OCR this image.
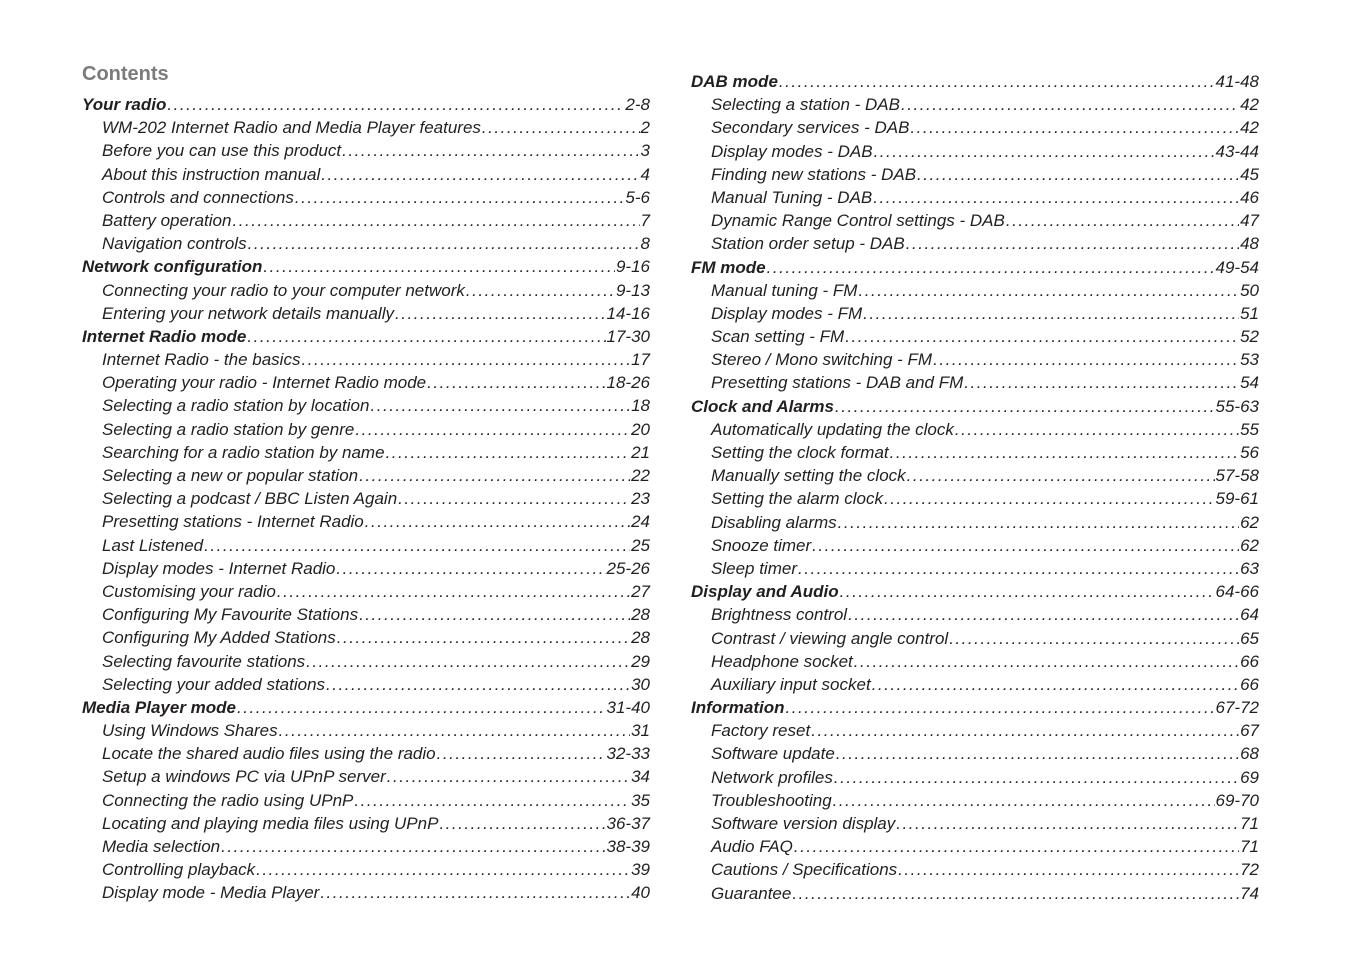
Contents
Your radio . . .	2-8
WM-202 Internet Radio and Media Player features . . .	2
Before you can use this product . . .	3
About this instruction manual . . .	4
Controls and connections . . .	5-6
Battery operation . . .	7
Navigation controls . . .	8
Network configuration . . .	9-16
Connecting your radio to your computer network . . .	9-13
Entering your network details manually . . .	14-16
Internet Radio mode . . .	17-30
Internet Radio - the basics . . .	17
Operating your radio - Internet Radio mode . . .	18-26
Selecting a radio station by location . . .	18
Selecting a radio station by genre . . .	20
Searching for a radio station by name . . .	21
Selecting a new or popular station . . .	22
Selecting a podcast / BBC Listen Again . . .	23
Presetting stations - Internet Radio . . .	24
Last Listened . . .	25
Display modes - Internet Radio . . .	25-26
Customising your radio . . .	27
Configuring My Favourite Stations . . .	28
Configuring My Added Stations . . .	28
Selecting favourite stations . . .	29
Selecting your added stations . . .	30
Media Player mode . . .	31-40
Using Windows Shares . . .	31
Locate the shared audio files using the radio . . .	32-33
Setup a windows PC via UPnP server . . .	34
Connecting the radio using UPnP . . .	35
Locating and playing media files using UPnP . . .	36-37
Media selection . . .	38-39
Controlling playback . . .	39
Display mode - Media Player . . .	40
DAB mode . . .	41-48
Selecting a station - DAB . . .	42
Secondary services - DAB . . .	42
Display modes - DAB . . .	43-44
Finding new stations - DAB . . .	45
Manual Tuning - DAB . . .	46
Dynamic Range Control settings - DAB . . .	47
Station order setup - DAB . . .	48
FM mode . . .	49-54
Manual tuning - FM . . .	50
Display modes - FM . . .	51
Scan setting - FM . . .	52
Stereo / Mono switching - FM . . .	53
Presetting stations - DAB and FM . . .	54
Clock and Alarms . . .	55-63
Automatically updating the clock . . .	55
Setting the clock format . . .	56
Manually setting the clock . . .	57-58
Setting the alarm clock . . .	59-61
Disabling alarms . . .	62
Snooze timer . . .	62
Sleep timer . . .	63
Display and Audio . . .	64-66
Brightness control . . .	64
Contrast / viewing angle control . . .	65
Headphone socket . . .	66
Auxiliary input socket . . .	66
Information . . .	67-72
Factory reset . . .	67
Software update . . .	68
Network profiles . . .	69
Troubleshooting . . .	69-70
Software version display . . .	71
Audio FAQ . . .	71
Cautions / Specifications . . .	72
Guarantee . . .	74
